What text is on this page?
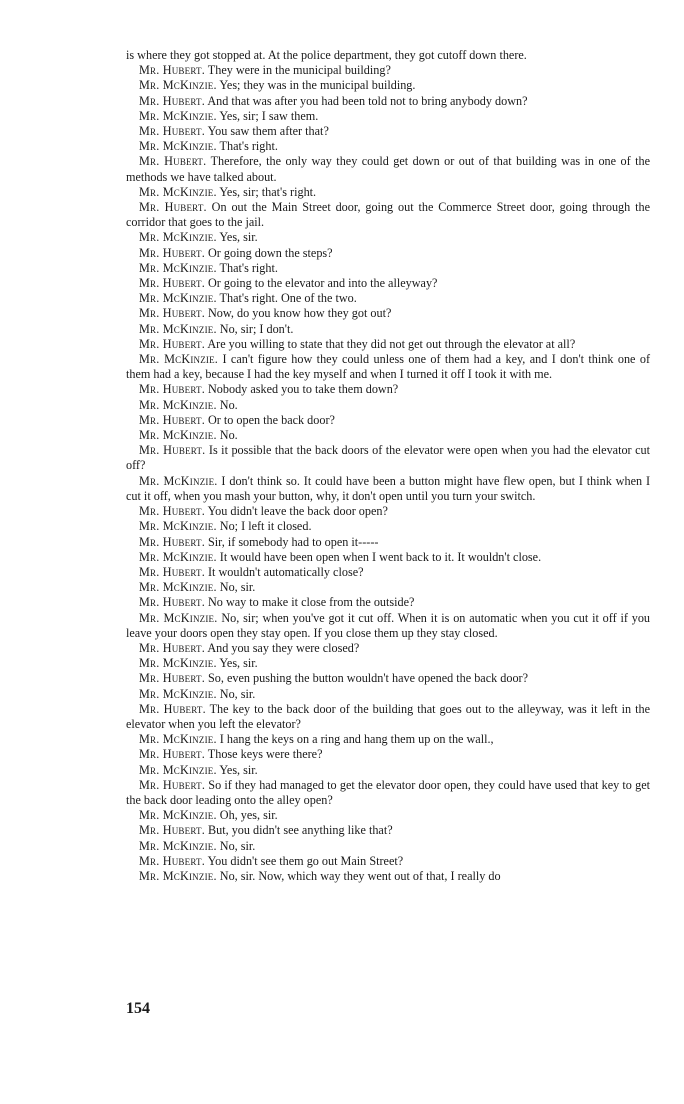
is where they got stopped at. At the police department, they got cutoff down there.

Mr. Hubert. They were in the municipal building?

Mr. McKinzie. Yes; they was in the municipal building.

Mr. Hubert. And that was after you had been told not to bring anybody down?

Mr. McKinzie. Yes, sir; I saw them.

Mr. Hubert. You saw them after that?

Mr. McKinzie. That's right.

Mr. Hubert. Therefore, the only way they could get down or out of that building was in one of the methods we have talked about.

Mr. McKinzie. Yes, sir; that's right.

Mr. Hubert. On out the Main Street door, going out the Commerce Street door, going through the corridor that goes to the jail.

Mr. McKinzie. Yes, sir.

Mr. Hubert. Or going down the steps?

Mr. McKinzie. That's right.

Mr. Hubert. Or going to the elevator and into the alleyway?

Mr. McKinzie. That's right. One of the two.

Mr. Hubert. Now, do you know how they got out?

Mr. McKinzie. No, sir; I don't.

Mr. Hubert. Are you willing to state that they did not get out through the elevator at all?

Mr. McKinzie. I can't figure how they could unless one of them had a key, and I don't think one of them had a key, because I had the key myself and when I turned it off I took it with me.

Mr. Hubert. Nobody asked you to take them down?

Mr. McKinzie. No.

Mr. Hubert. Or to open the back door?

Mr. McKinzie. No.

Mr. Hubert. Is it possible that the back doors of the elevator were open when you had the elevator cut off?

Mr. McKinzie. I don't think so. It could have been a button might have flew open, but I think when I cut it off, when you mash your button, why, it don't open until you turn your switch.

Mr. Hubert. You didn't leave the back door open?

Mr. McKinzie. No; I left it closed.

Mr. Hubert. Sir, if somebody had to open it-----

Mr. McKinzie. It would have been open when I went back to it. It wouldn't close.

Mr. Hubert. It wouldn't automatically close?

Mr. McKinzie. No, sir.

Mr. Hubert. No way to make it close from the outside?

Mr. McKinzie. No, sir; when you've got it cut off. When it is on automatic when you cut it off if you leave your doors open they stay open. If you close them up they stay closed.

Mr. Hubert. And you say they were closed?

Mr. McKinzie. Yes, sir.

Mr. Hubert. So, even pushing the button wouldn't have opened the back door?

Mr. McKinzie. No, sir.

Mr. Hubert. The key to the back door of the building that goes out to the alleyway, was it left in the elevator when you left the elevator?

Mr. McKinzie. I hang the keys on a ring and hang them up on the wall.,

Mr. Hubert. Those keys were there?

Mr. McKinzie. Yes, sir.

Mr. Hubert. So if they had managed to get the elevator door open, they could have used that key to get the back door leading onto the alley open?

Mr. McKinzie. Oh, yes, sir.

Mr. Hubert. But, you didn't see anything like that?

Mr. McKinzie. No, sir.

Mr. Hubert. You didn't see them go out Main Street?

Mr. McKinzie. No, sir. Now, which way they went out of that, I really do

154
